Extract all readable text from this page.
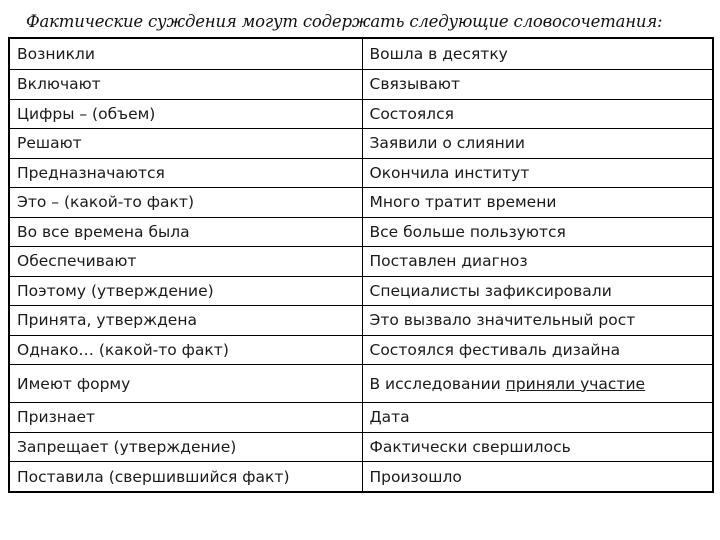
Фактические суждения могут содержать следующие словосочетания:
Возникли	Вошла в десятку
Включают	Связывают
Цифры – (объем)	Состоялся
Решают	Заявили о слиянии
Предназначаются	Окончила институт
Это – (какой-то факт)	Много тратит времени
Во все времена была	Все больше пользуются
Обеспечивают	Поставлен диагноз
Поэтому (утверждение)	Специалисты зафиксировали
Принята, утверждена	Это вызвало значительный рост
Однако… (какой-то факт)	Состоялся фестиваль дизайна
Имеют форму	В исследовании приняли участие
Признает	Дата
Запрещает (утверждение)	Фактически свершилось
Поставила (свершившийся факт)	Произошло
